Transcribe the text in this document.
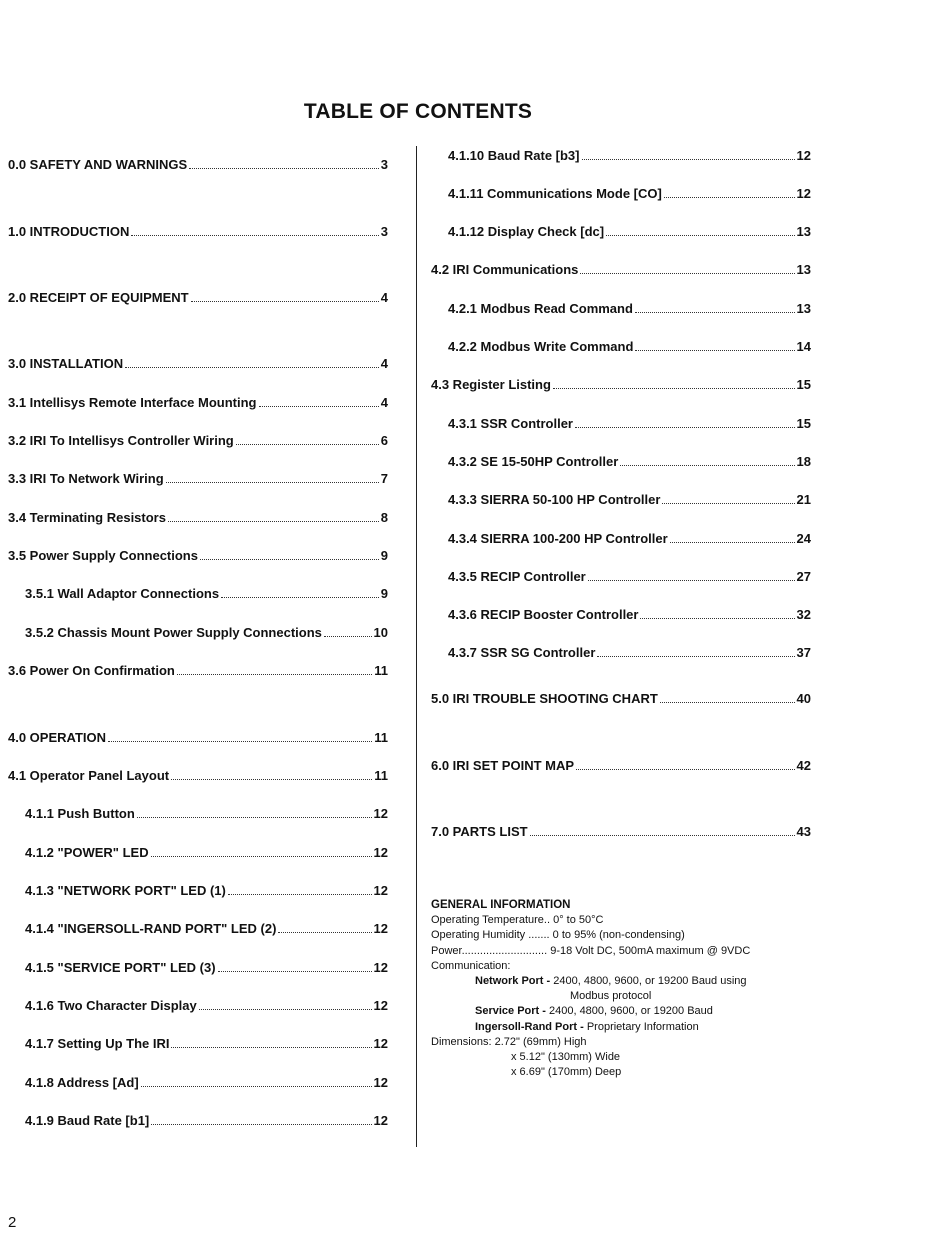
TABLE OF CONTENTS
0.0 SAFETY AND WARNINGS	3
1.0 INTRODUCTION	3
2.0 RECEIPT OF EQUIPMENT	4
3.0 INSTALLATION	4
3.1 Intellisys Remote Interface Mounting	4
3.2 IRI To Intellisys Controller Wiring	6
3.3 IRI To Network Wiring	7
3.4 Terminating Resistors	8
3.5 Power Supply Connections	9
3.5.1 Wall Adaptor Connections	9
3.5.2 Chassis Mount Power Supply Connections	10
3.6 Power On Confirmation	11
4.0 OPERATION	11
4.1 Operator Panel Layout	11
4.1.1 Push Button	12
4.1.2 "POWER" LED	12
4.1.3 "NETWORK PORT" LED (1)	12
4.1.4 "INGERSOLL-RAND PORT" LED (2)	12
4.1.5 "SERVICE PORT" LED (3)	12
4.1.6 Two Character Display	12
4.1.7 Setting Up The IRI	12
4.1.8 Address [Ad]	12
4.1.9 Baud Rate [b1]	12
4.1.10 Baud Rate [b3]	12
4.1.11 Communications Mode [CO]	12
4.1.12 Display Check [dc]	13
4.2 IRI Communications	13
4.2.1 Modbus Read Command	13
4.2.2 Modbus Write Command	14
4.3 Register Listing	15
4.3.1 SSR Controller	15
4.3.2 SE 15-50HP Controller	18
4.3.3 SIERRA 50-100 HP Controller	21
4.3.4 SIERRA 100-200 HP Controller	24
4.3.5 RECIP Controller	27
4.3.6 RECIP Booster Controller	32
4.3.7 SSR SG Controller	37
5.0 IRI TROUBLE SHOOTING CHART	40
6.0 IRI SET POINT MAP	42
7.0 PARTS LIST	43
GENERAL INFORMATION
Operating Temperature.. 0° to 50°C
Operating Humidity ....... 0 to 95% (non-condensing)
Power............................ 9-18 Volt DC, 500mA maximum @ 9VDC
Communication:
Network Port - 2400, 4800, 9600, or 19200 Baud using
Modbus protocol
Service Port - 2400, 4800, 9600, or 19200 Baud
Ingersoll-Rand Port - Proprietary Information
Dimensions: 2.72" (69mm) High
x 5.12" (130mm) Wide
x 6.69" (170mm) Deep
2
